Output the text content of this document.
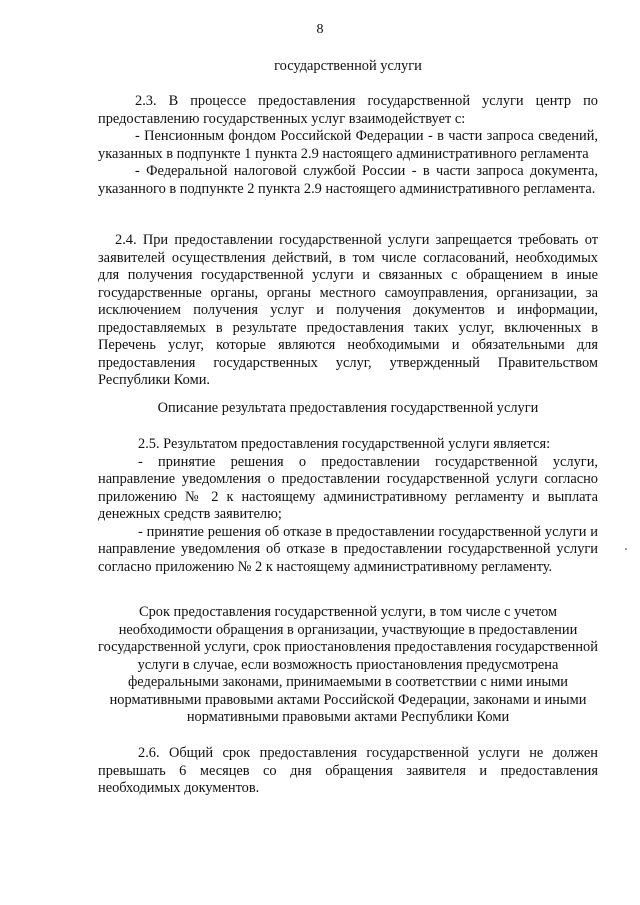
8

государственной услуги

2.3. В процессе предоставления государственной услуги центр по предоставлению государственных услуг взаимодействует с:

- Пенсионным фондом Российской Федерации - в части запроса сведений, указанных в подпункте 1 пункта 2.9 настоящего административного регламента

- Федеральной налоговой службой России - в части запроса документа, указанного в подпункте 2 пункта 2.9 настоящего административного регламента.

2.4. При предоставлении государственной услуги запрещается требовать от заявителей осуществления действий, в том числе согласований, необходимых для получения государственной услуги и связанных с обращением в иные государственные органы, органы местного самоуправления, организации, за исключением получения услуг и получения документов и информации, предоставляемых в результате предоставления таких услуг, включенных в Перечень услуг, которые являются необходимыми и обязательными для предоставления государственных услуг, утвержденный Правительством Республики Коми.

Описание результата предоставления государственной услуги

2.5. Результатом предоставления государственной услуги является:

- принятие решения о предоставлении государственной услуги, направление уведомления о предоставлении государственной услуги согласно приложению № 2 к настоящему административному регламенту и выплата денежных средств заявителю;

- принятие решения об отказе в предоставлении государственной услуги и направление уведомления об отказе в предоставлении государственной услуги согласно приложению № 2 к настоящему административному регламенту.

Срок предоставления государственной услуги, в том числе с учетом необходимости обращения в организации, участвующие в предоставлении государственной услуги, срок приостановления предоставления государственной услуги в случае, если возможность приостановления предусмотрена федеральными законами, принимаемыми в соответствии с ними иными нормативными правовыми актами Российской Федерации, законами и иными нормативными правовыми актами Республики Коми

2.6. Общий срок предоставления государственной услуги не должен превышать 6 месяцев со дня обращения заявителя и предоставления необходимых документов.
